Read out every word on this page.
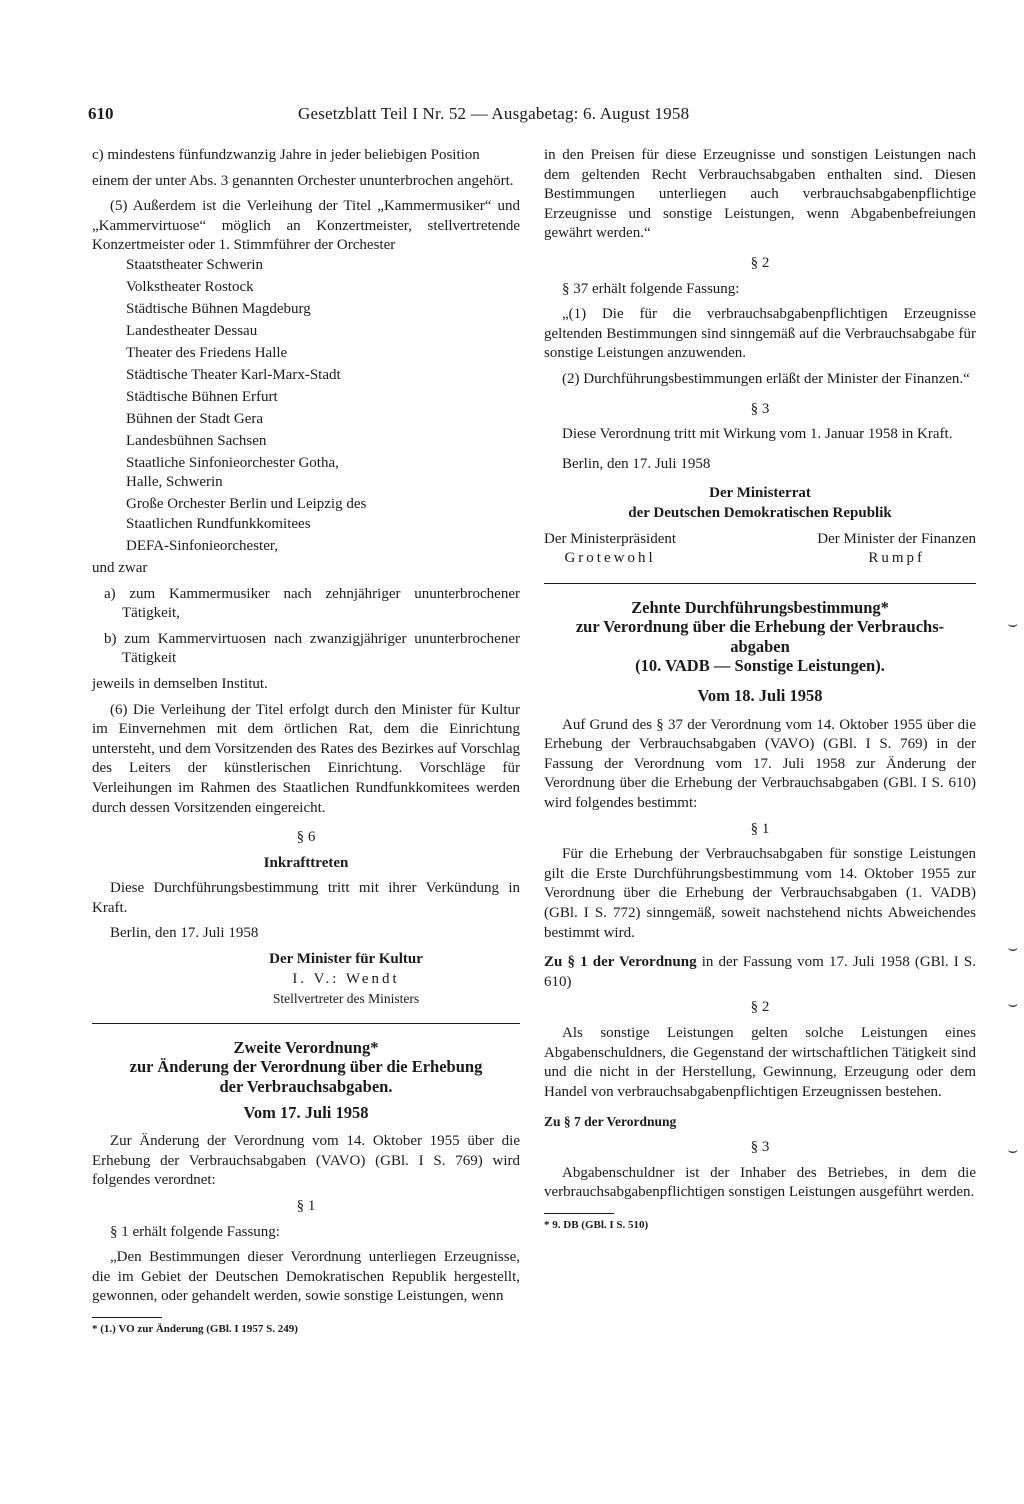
610	Gesetzblatt Teil I Nr. 52 — Ausgabetag: 6. August 1958

c) mindestens fünfundzwanzig Jahre in jeder beliebigen Position

einem der unter Abs. 3 genannten Orchester ununterbrochen angehört.

(5) Außerdem ist die Verleihung der Titel „Kammermusiker“ und „Kammervirtuose“ möglich an Konzertmeister, stellvertretende Konzertmeister oder 1. Stimmführer der Orchester

Staatstheater Schwerin

Volkstheater Rostock

Städtische Bühnen Magdeburg

Landestheater Dessau

Theater des Friedens Halle

Städtische Theater Karl-Marx-Stadt

Städtische Bühnen Erfurt

Bühnen der Stadt Gera

Landesbühnen Sachsen

Staatliche Sinfonieorchester Gotha, Halle, Schwerin

Große Orchester Berlin und Leipzig des Staatlichen Rundfunkkomitees

DEFA-Sinfonieorchester,

und zwar

a) zum Kammermusiker nach zehnjähriger ununterbrochener Tätigkeit,

b) zum Kammervirtuosen nach zwanzigjähriger ununterbrochener Tätigkeit

jeweils in demselben Institut.

(6) Die Verleihung der Titel erfolgt durch den Minister für Kultur im Einvernehmen mit dem örtlichen Rat, dem die Einrichtung untersteht, und dem Vorsitzenden des Rates des Bezirkes auf Vorschlag des Leiters der künstlerischen Einrichtung. Vorschläge für Verleihungen im Rahmen des Staatlichen Rundfunkkomitees werden durch dessen Vorsitzenden eingereicht.

§ 6

Inkrafttreten

Diese Durchführungsbestimmung tritt mit ihrer Verkündung in Kraft.

Berlin, den 17. Juli 1958

Der Minister für Kultur

I. V.: Wendt

Stellvertreter des Ministers

Zweite Verordnung*

zur Änderung der Verordnung über die Erhebung

der Verbrauchsabgaben.

Vom 17. Juli 1958

Zur Änderung der Verordnung vom 14. Oktober 1955 über die Erhebung der Verbrauchsabgaben (VAVO) (GBl. I S. 769) wird folgendes verordnet:

§ 1

§ 1 erhält folgende Fassung:

„Den Bestimmungen dieser Verordnung unterliegen Erzeugnisse, die im Gebiet der Deutschen Demokratischen Republik hergestellt, gewonnen, oder gehandelt werden, sowie sonstige Leistungen, wenn

* (1.) VO zur Änderung (GBl. I 1957 S. 249)

in den Preisen für diese Erzeugnisse und sonstigen Leistungen nach dem geltenden Recht Verbrauchsabgaben enthalten sind. Diesen Bestimmungen unterliegen auch verbrauchsabgabenpflichtige Erzeugnisse und sonstige Leistungen, wenn Abgabenbefreiungen gewährt werden.“

§ 2

§ 37 erhält folgende Fassung:

„(1) Die für die verbrauchsabgabenpflichtigen Erzeugnisse geltenden Bestimmungen sind sinngemäß auf die Verbrauchsabgabe für sonstige Leistungen anzuwenden.

(2) Durchführungsbestimmungen erläßt der Minister der Finanzen.“

§ 3

Diese Verordnung tritt mit Wirkung vom 1. Januar 1958 in Kraft.

Berlin, den 17. Juli 1958

Der Ministerrat

der Deutschen Demokratischen Republik

Der Ministerpräsident

Grotewohl

Der Minister der Finanzen

Rumpf

Zehnte Durchführungsbestimmung*

zur Verordnung über die Erhebung der Verbrauchs-

abgaben

(10. VADB — Sonstige Leistungen).

Vom 18. Juli 1958

Auf Grund des § 37 der Verordnung vom 14. Oktober 1955 über die Erhebung der Verbrauchsabgaben (VAVO) (GBl. I S. 769) in der Fassung der Verordnung vom 17. Juli 1958 zur Änderung der Verordnung über die Erhebung der Verbrauchsabgaben (GBl. I S. 610) wird folgendes bestimmt:

§ 1

Für die Erhebung der Verbrauchsabgaben für sonstige Leistungen gilt die Erste Durchführungsbestimmung vom 14. Oktober 1955 zur Verordnung über die Erhebung der Verbrauchsabgaben (1. VADB) (GBl. I S. 772) sinngemäß, soweit nachstehend nichts Abweichendes bestimmt wird.

Zu § 1 der Verordnung in der Fassung vom 17. Juli 1958 (GBl. I S. 610)

§ 2

Als sonstige Leistungen gelten solche Leistungen eines Abgabenschuldners, die Gegenstand der wirtschaftlichen Tätigkeit sind und die nicht in der Herstellung, Gewinnung, Erzeugung oder dem Handel von verbrauchsabgabenpflichtigen Erzeugnissen bestehen.

Zu § 7 der Verordnung

§ 3

Abgabenschuldner ist der Inhaber des Betriebes, in dem die verbrauchsabgabenpflichtigen sonstigen Leistungen ausgeführt werden.

* 9. DB (GBl. I S. 510)

⌣
⌣
⌣
⌣
